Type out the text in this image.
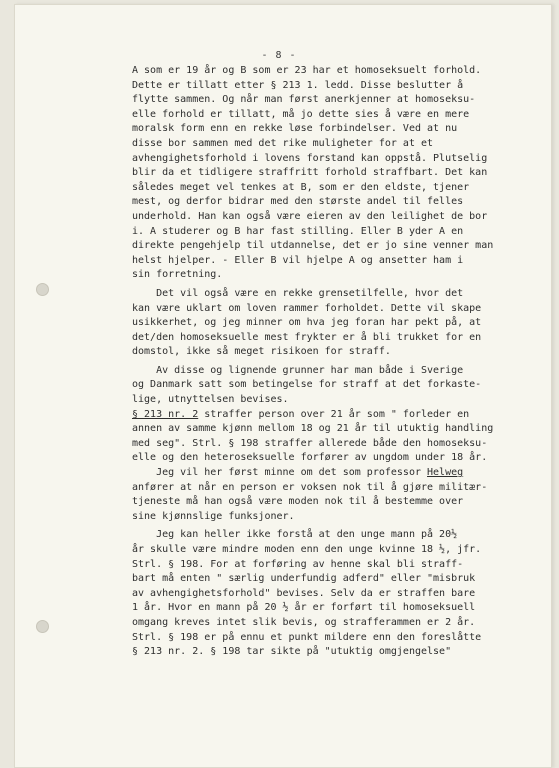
- 8 -
A som er 19 år og B som er 23 har et homoseksuelt forhold.
Dette er tillatt etter § 213 1. ledd. Disse beslutter å
flytte sammen. Og når man først anerkjenner at homoseksu-
elle forhold er tillatt, må jo dette sies å være en mere
moralsk form enn en rekke løse forbindelser. Ved at nu
disse bor sammen med det rike muligheter for at et
avhengighetsforhold i lovens forstand kan oppstå. Plutselig
blir da et tidligere straffritt forhold straffbart. Det kan
således meget vel tenkes at B, som er den eldste, tjener
mest, og derfor bidrar med den største andel til felles
underhold. Han kan også være eieren av den leilighet de bor
i. A studerer og B har fast stilling. Eller B yder A en
direkte pengehjelp til utdannelse, det er jo sine venner man
helst hjelper. - Eller B vil hjelpe A og ansetter ham i
sin forretning.
Det vil også være en rekke grensetilfelle, hvor det
kan være uklart om loven rammer forholdet. Dette vil skape
usikkerhet, og jeg minner om hva jeg foran har pekt på, at
det/den homoseksuelle mest frykter er å bli trukket for en
domstol, ikke så meget risikoen for straff.
Av disse og lignende grunner har man både i Sverige
og Danmark satt som betingelse for straff at det forkaste-
lige, utnyttelsen bevises.
§ 213 nr. 2 straffer person over 21 år som " forleder en
annen av samme kjønn mellom 18 og 21 år til utuktig handling
med seg". Strl. § 198 straffer allerede både den homoseksu-
elle og den heteroseksuelle forfører av ungdom under 18 år.
Jeg vil her først minne om det som professor Helweg
anfører at når en person er voksen nok til å gjøre militær-
tjeneste må han også være moden nok til å bestemme over
sine kjønnslige funksjoner.
Jeg kan heller ikke forstå at den unge mann på 20½
år skulle være mindre moden enn den unge kvinne 18 ½, jfr.
Strl. § 198. For at forføring av henne skal bli straff-
bart må enten " særlig underfundig adferd" eller "misbruk
av avhengighetsforhold" bevises. Selv da er straffen bare
1 år. Hvor en mann på 20 ½ år er forført til homoseksuell
omgang kreves intet slik bevis, og strafferammen er 2 år.
Strl. § 198 er på ennu et punkt mildere enn den foreslåtte
§ 213 nr. 2. § 198 tar sikte på "utuktig omgjengelse"
